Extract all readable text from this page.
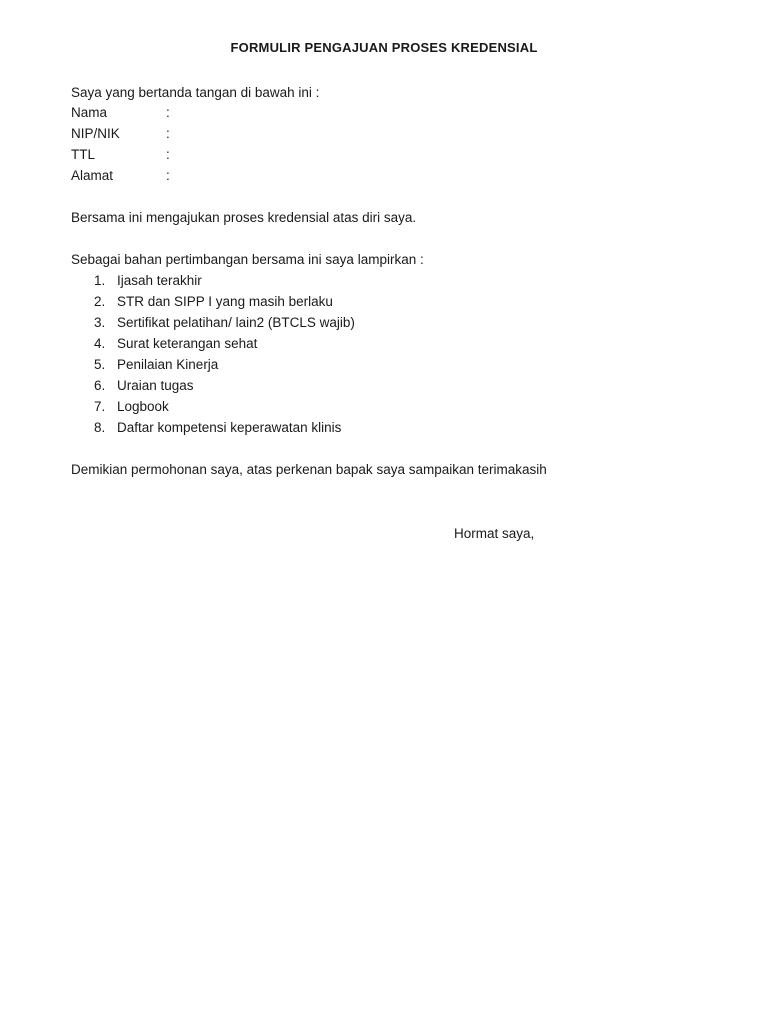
FORMULIR PENGAJUAN PROSES KREDENSIAL
Saya yang bertanda tangan di bawah ini :
Nama	:
NIP/NIK	:
TTL	:
Alamat	:
Bersama ini mengajukan proses kredensial atas diri saya.
Sebagai bahan pertimbangan bersama ini saya lampirkan :
1. Ijasah terakhir
2. STR dan SIPP I yang masih berlaku
3. Sertifikat pelatihan/ lain2 (BTCLS wajib)
4. Surat keterangan sehat
5. Penilaian Kinerja
6. Uraian tugas
7. Logbook
8. Daftar kompetensi keperawatan klinis
Demikian permohonan saya, atas perkenan bapak saya sampaikan terimakasih
Hormat saya,
